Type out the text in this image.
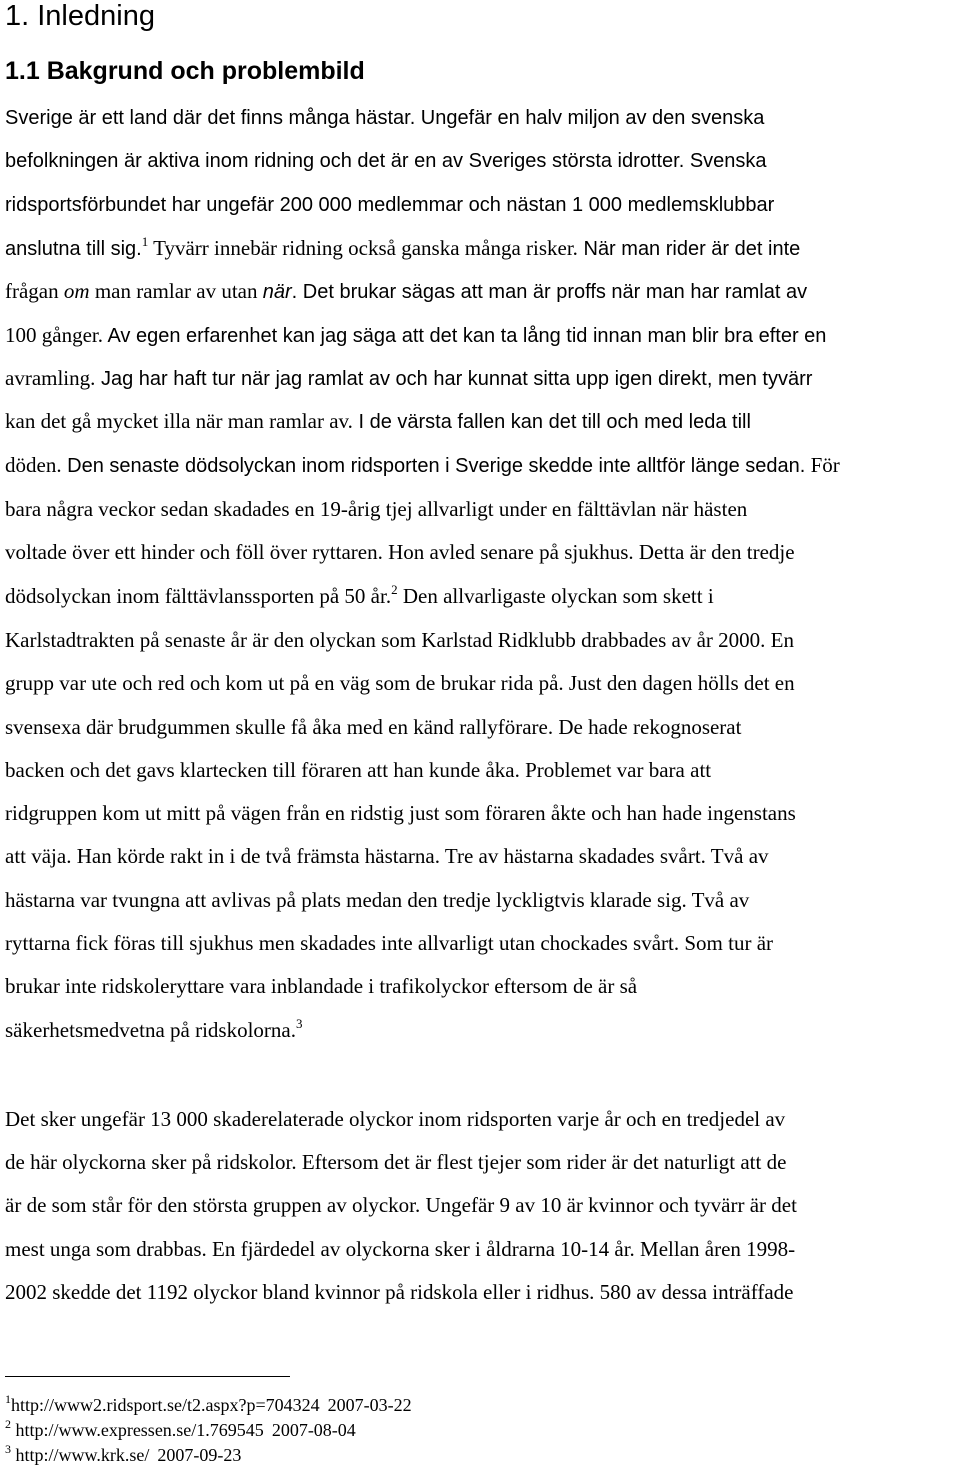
1. Inledning
1.1 Bakgrund och problembild
Sverige är ett land där det finns många hästar. Ungefär en halv miljon av den svenska
befolkningen är aktiva inom ridning och det är en av Sveriges största idrotter. Svenska
ridsportsförbundet har ungefär 200 000 medlemmar och nästan 1 000 medlemsklubbar
anslutna till sig.$^1$ Tyvärr innebär ridning också ganska många risker. När man rider är det inte
frågan om man ramlar av utan när. Det brukar sägas att man är proffs när man har ramlat av
100 gånger. Av egen erfarenhet kan jag säga att det kan ta lång tid innan man blir bra efter en
avramling. Jag har haft tur när jag ramlat av och har kunnat sitta upp igen direkt, men tyvärr
kan det gå mycket illa när man ramlar av. I de värsta fallen kan det till och med leda till
döden. Den senaste dödsolyckan inom ridsporten i Sverige skedde inte alltför länge sedan. För
bara några veckor sedan skadades en 19-årig tjej allvarligt under en fälttävlan när hästen
voltade över ett hinder och föll över ryttaren. Hon avled senare på sjukhus. Detta är den tredje
dödsolyckan inom fälttävlanssporten på 50 år.$^2$ Den allvarligaste olyckan som skett i
Karlstadtrakten på senaste år är den olyckan som Karlstad Ridklubb drabbades av år 2000. En
grupp var ute och red och kom ut på en väg som de brukar rida på. Just den dagen hölls det en
svensexa där brudgummen skulle få åka med en känd rallyförare. De hade rekognoserat
backen och det gavs klartecken till föraren att han kunde åka. Problemet var bara att
ridgruppen kom ut mitt på vägen från en ridstig just som föraren åkte och han hade ingenstans
att väja. Han körde rakt in i de två främsta hästarna. Tre av hästarna skadades svårt. Två av
hästarna var tvungna att avlivas på plats medan den tredje lyckligtvis klarade sig. Två av
ryttarna fick föras till sjukhus men skadades inte allvarligt utan chockades svårt. Som tur är
brukar inte ridskoleryttare vara inblandade i trafikolyckor eftersom de är så
säkerhetsmedvetna på ridskolorna.$^3$
Det sker ungefär 13 000 skaderelaterade olyckor inom ridsporten varje år och en tredjedel av
de här olyckorna sker på ridskolor. Eftersom det är flest tjejer som rider är det naturligt att de
är de som står för den största gruppen av olyckor. Ungefär 9 av 10 är kvinnor och tyvärr är det
mest unga som drabbas. En fjärdedel av olyckorna sker i åldrarna 10-14 år. Mellan åren 1998-
2002 skedde det 1192 olyckor bland kvinnor på ridskola eller i ridhus. 580 av dessa inträffade
$^1$http://www2.ridsport.se/t2.aspx?p=704324 2007-03-22
$^2$ http://www.expressen.se/1.769545 2007-08-04
$^3$ http://www.krk.se/ 2007-09-23
